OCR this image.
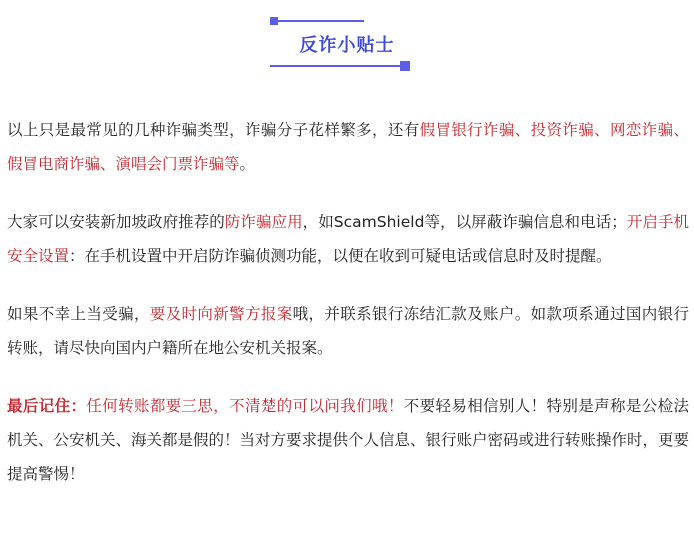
反诈小贴士

以上只是最常见的几种诈骗类型，诈骗分子花样繁多，还有假冒银行诈骗、投资诈骗、网恋诈骗、假冒电商诈骗、演唱会门票诈骗等。

大家可以安装新加坡政府推荐的防诈骗应用，如ScamShield等，以屏蔽诈骗信息和电话；开启手机安全设置：在手机设置中开启防诈骗侦测功能，以便在收到可疑电话或信息时及时提醒。

如果不幸上当受骗，要及时向新警方报案哦，并联系银行冻结汇款及账户。如款项系通过国内银行转账，请尽快向国内户籍所在地公安机关报案。

最后记住：任何转账都要三思，不清楚的可以问我们哦！不要轻易相信别人！特别是声称是公检法机关、公安机关、海关都是假的！当对方要求提供个人信息、银行账户密码或进行转账操作时，更要提高警惕！
